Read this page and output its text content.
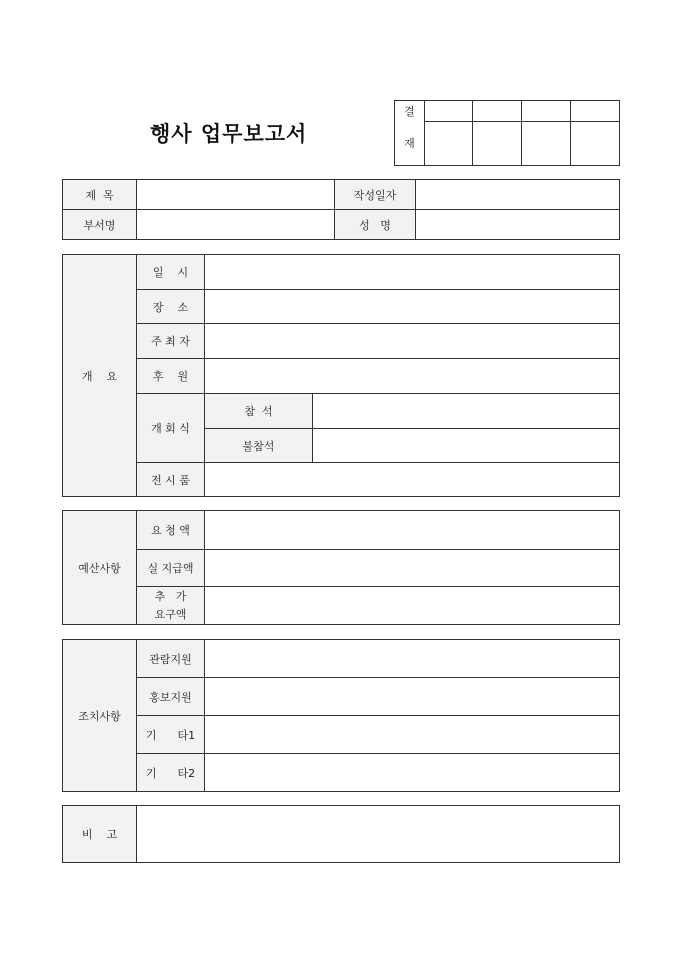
행사 업무보고서
결
재				

제  목		작성일자	
부서명		성   명	
개    요	일    시		
	장    소		
	주 최 자		
	후    원		
	개 회 식	참  석	
		불참석	
	전 시 품		
예산사항	요 청 액	
	실 지급액	

	추   가
요구액	

조치사항	관람지원	
	홍보지원	
	기      타1	
	기      타2	
비    고	
